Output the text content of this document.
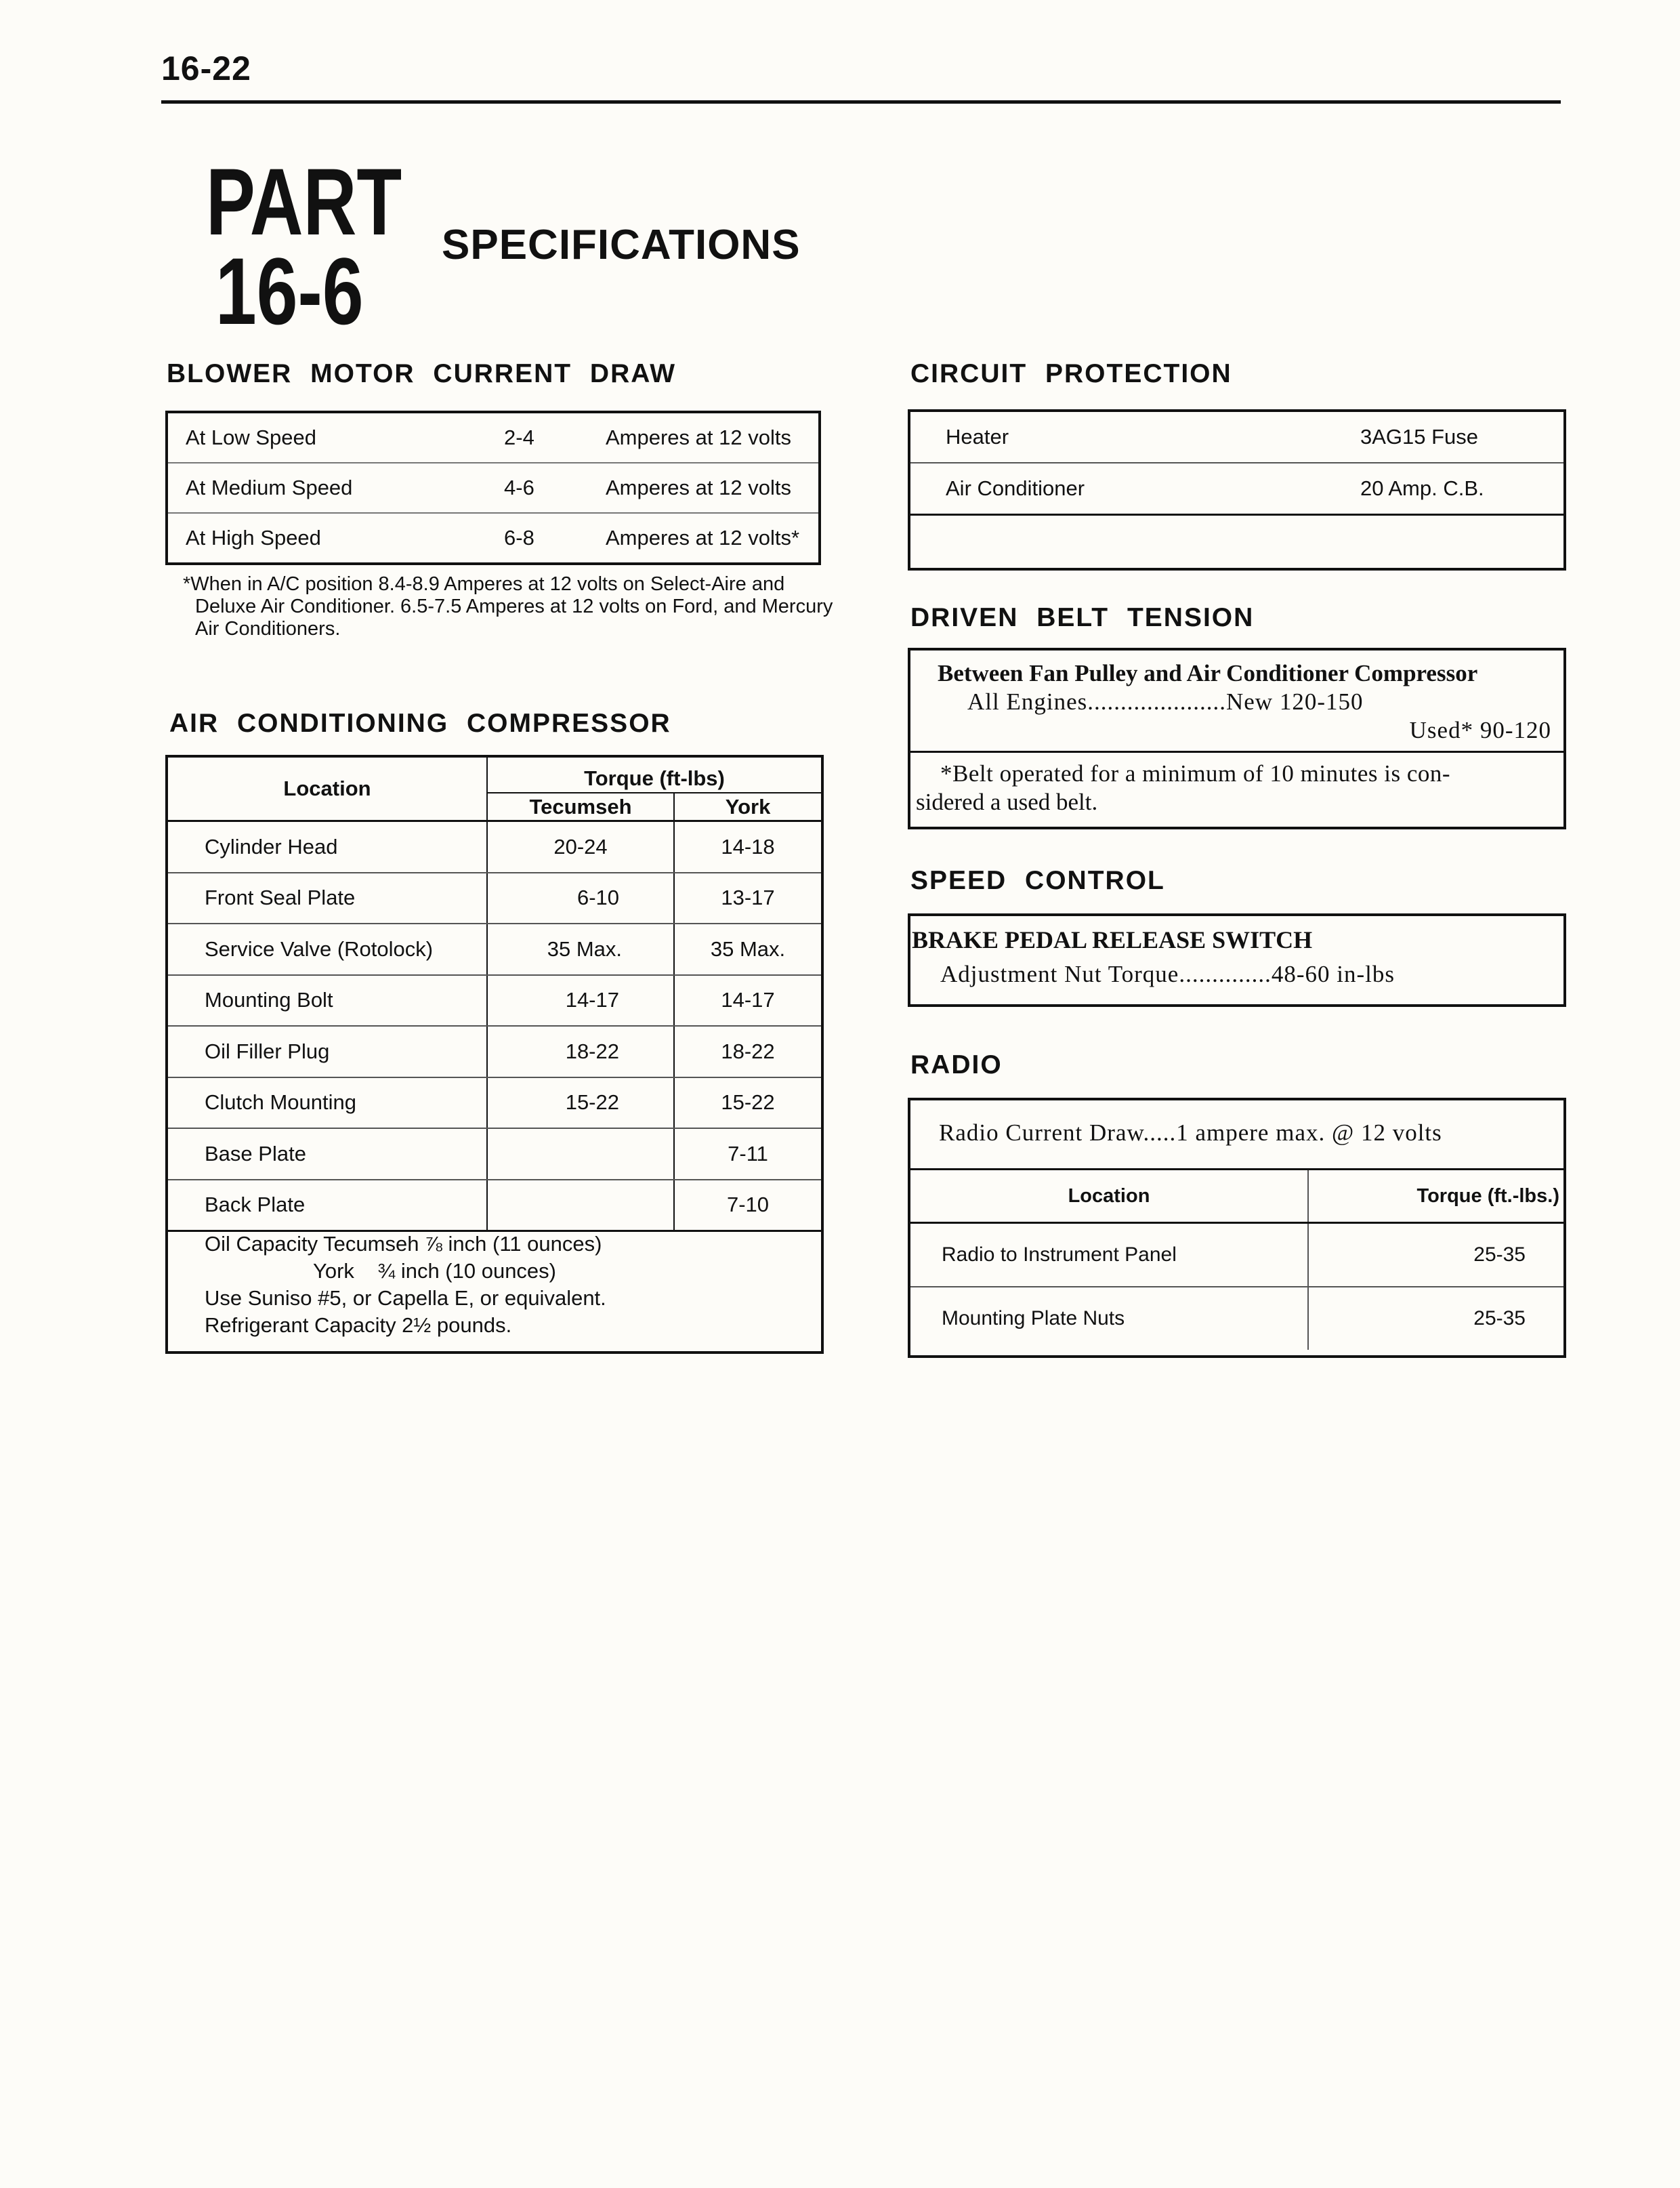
16-22
PART
16-6 SPECIFICATIONS
BLOWER MOTOR CURRENT DRAW
At Low Speed	2-4	Amperes at 12 volts
At Medium Speed	4-6	Amperes at 12 volts
At High Speed	6-8	Amperes at 12 volts*
*When in A/C position 8.4-8.9 Amperes at 12 volts on Select-Aire and
Deluxe Air Conditioner. 6.5-7.5 Amperes at 12 volts on Ford, and Mercury
Air Conditioners.
AIR CONDITIONING COMPRESSOR
Location	Torque (ft-lbs)	
	Tecumseh	York
Cylinder Head	20-24	14-18
Front Seal Plate	6-10	13-17
Service Valve (Rotolock)	35 Max.	35 Max.
Mounting Bolt	14-17	14-17
Oil Filler Plug	18-22	18-22
Clutch Mounting	15-22	15-22
Base Plate		7-11
Back Plate		7-10
Oil Capacity Tecumseh ⅞ inch (11 ounces)
York    ¾ inch (10 ounces)
Use Suniso #5, or Capella E, or equivalent.
Refrigerant Capacity 2½ pounds.
CIRCUIT PROTECTION
Heater	3AG15 Fuse
Air Conditioner	20 Amp. C.B.
DRIVEN BELT TENSION
Between Fan Pulley and Air Conditioner Compressor
All Engines.....................New 120-150
Used* 90-120
*Belt operated for a minimum of 10 minutes is con-
sidered a used belt.
SPEED CONTROL
BRAKE PEDAL RELEASE SWITCH
Adjustment Nut Torque..............48-60 in-lbs
RADIO
Radio Current Draw.....1 ampere max. @ 12 volts
Location	Torque (ft.-lbs.)
Radio to Instrument Panel	25-35
Mounting Plate Nuts	25-35
